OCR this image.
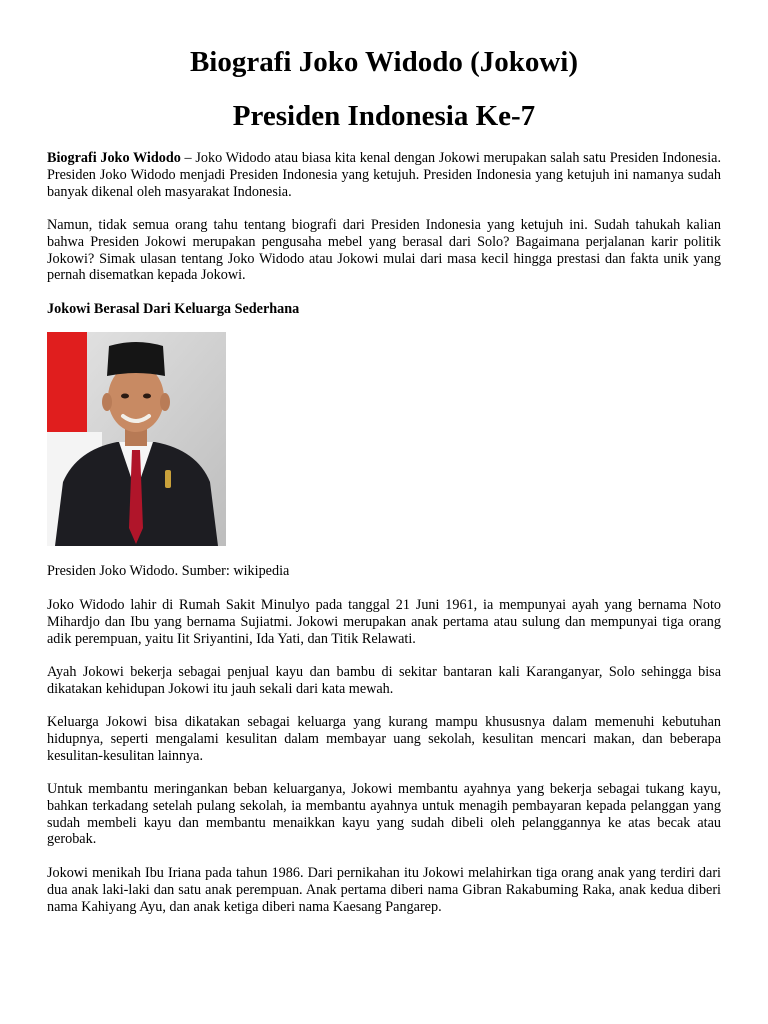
Biografi Joko Widodo (Jokowi)
Presiden Indonesia Ke-7

Biografi Joko Widodo – Joko Widodo atau biasa kita kenal dengan Jokowi merupakan salah satu Presiden Indonesia. Presiden Joko Widodo menjadi Presiden Indonesia yang ketujuh. Presiden Indonesia yang ketujuh ini namanya sudah banyak dikenal oleh masyarakat Indonesia.

Namun, tidak semua orang tahu tentang biografi dari Presiden Indonesia yang ketujuh ini. Sudah tahukah kalian bahwa Presiden Jokowi merupakan pengusaha mebel yang berasal dari Solo? Bagaimana perjalanan karir politik Jokowi? Simak ulasan tentang Joko Widodo atau Jokowi mulai dari masa kecil hingga prestasi dan fakta unik yang pernah disematkan kepada Jokowi.

Jokowi Berasal Dari Keluarga Sederhana

Presiden Joko Widodo. Sumber: wikipedia

Joko Widodo lahir di Rumah Sakit Minulyo pada tanggal 21 Juni 1961, ia mempunyai ayah yang bernama Noto Mihardjo dan Ibu yang bernama Sujiatmi. Jokowi merupakan anak pertama atau sulung dan mempunyai tiga orang adik perempuan, yaitu Iit Sriyantini, Ida Yati, dan Titik Relawati.

Ayah Jokowi bekerja sebagai penjual kayu dan bambu di sekitar bantaran kali Karanganyar, Solo sehingga bisa dikatakan kehidupan Jokowi itu jauh sekali dari kata mewah.

Keluarga Jokowi bisa dikatakan sebagai keluarga yang kurang mampu khususnya dalam memenuhi kebutuhan hidupnya, seperti mengalami kesulitan dalam membayar uang sekolah, kesulitan mencari makan, dan beberapa kesulitan-kesulitan lainnya.

Untuk membantu meringankan beban keluarganya, Jokowi membantu ayahnya yang bekerja sebagai tukang kayu, bahkan terkadang setelah pulang sekolah, ia membantu ayahnya untuk menagih pembayaran kepada pelanggan yang sudah membeli kayu dan membantu menaikkan kayu yang sudah dibeli oleh pelanggannya ke atas becak atau gerobak.

Jokowi menikah Ibu Iriana pada tahun 1986. Dari pernikahan itu Jokowi melahirkan tiga orang anak yang terdiri dari dua anak laki-laki dan satu anak perempuan. Anak pertama diberi nama Gibran Rakabuming Raka, anak kedua diberi nama Kahiyang Ayu, dan anak ketiga diberi nama Kaesang Pangarep.
